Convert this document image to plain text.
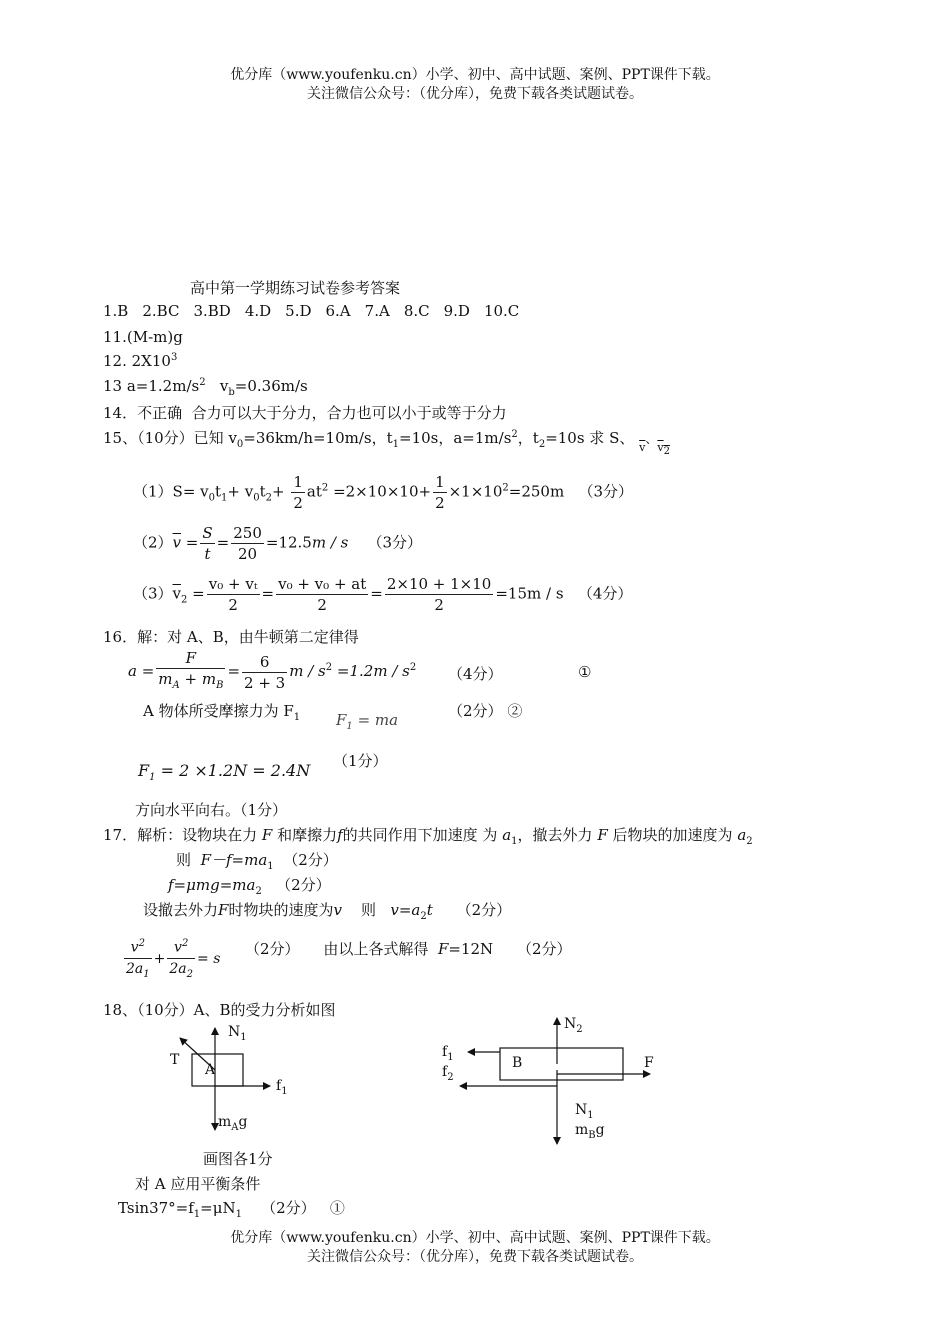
优分库（www.youfenku.cn）小学、初中、高中试题、案例、PPT课件下载。
关注微信公众号：（优分库），免费下载各类试题试卷。
高中第一学期练习试卷参考答案
1.B 2.BC 3.BD 4.D 5.D 6.A 7.A 8.C 9.D 10.C
11.(M-m)g
12. $2X10^3$
13 $a=1.2m/s^2$ $v_b=0.36m/s$
14．不正确 合力可以大于分力，合力也可以小于或等于分力
15、（10分）已知 $v_0=36km/h=10m/s$，$t_1=10s$，$a=1m/s^2$，$t_2=10s$ 求 S、 $_{\overline{v}}$、$_{v_2}$
$(1)S= v_0t_1+ v_0t_2+ \frac{1}{2} at^2 =2\times 10\times 10+ \frac{1}{2} \times 1\times 10^2=250m$ （3分）
$(2)\overline{v} = \frac{S}{t} = \frac{250}{20} =12.5m / s$ （3分）
$(3)\overline{v}_2 = \frac{\text{v₀ + vₜ}}{2} = \frac{\text{v₀ + v₀ + at}}{2} = \frac{2\times 10 + 1\times 10}{2} =15m / s$ （4分）
16．解：对 A、B，由牛顿第二定律得
$a = \frac{F}{m_A + m_B} = \frac{6}{2 + 3}$ $m / s^2 =1.2m / s^2$ （4分）	①
A 物体所受摩擦力为 $F_1$ $F_1$ = ma	（2分） ②
（1分）
$F_1 = 2 \times 1.2N = 2.4N$
方向水平向右。（1分）
17．解析：设物块在力 F 和摩擦力f的共同作用下加速度 为 $a_1$，撤去外力 F 后物块的加速度为 $a_2$
则 $F-f=ma_1$ （2分）
$f=\mu mg=ma_2$ （2分）
设撤去外力F时物块的速度为v 则 $v=a_2t$ （2分）
$\frac{v^2}{2a_1} + \frac{v^2}{2a_2} = s$
（2分） 由以上各式解得 F=12N （2分）
18、（10分）A、B的受力分析如图
$N_1$
T
A
$f_1$
$m_Ag$
$N_2$
$f_1$
$f_2$
B	F
$N_1$
$m_Bg$
画图各1分
对 A 应用平衡条件
$Tsin37^\circ=f_1=\mu N_1$ （2分） ①
优分库（www.youfenku.cn）小学、初中、高中试题、案例、PPT课件下载。
关注微信公众号：（优分库），免费下载各类试题试卷。
